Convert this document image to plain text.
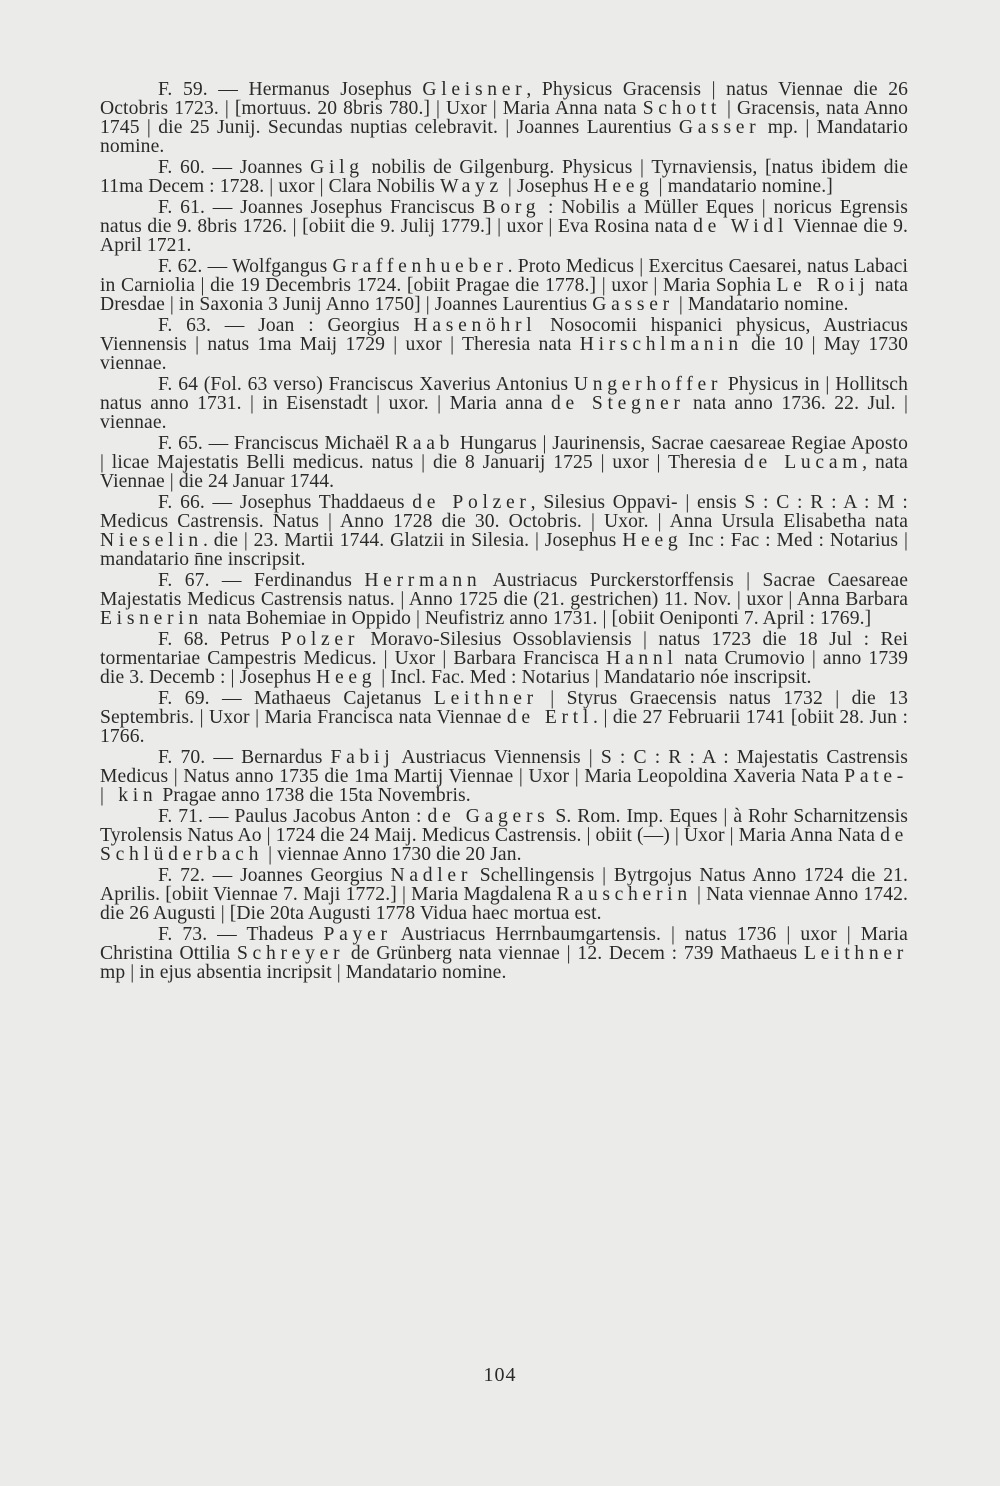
F. 59. — Hermanus Josephus Gleisner, Physicus Gracensis | natus Viennae die 26 Octobris 1723. | [mortuus. 20 8bris 780.] | Uxor | Maria Anna nata Schott | Gracensis, nata Anno 1745 | die 25 Junij. Secundas nuptias celebravit. | Joannes Laurentius Gasser mp. | Mandatario nomine.

F. 60. — Joannes Gilg nobilis de Gilgenburg. Physicus | Tyrnaviensis, [natus ibidem die 11ma Decem : 1728. | uxor | Clara Nobilis Wayz | Josephus Heeg | mandatario nomine.]

F. 61. — Joannes Josephus Franciscus Borg : Nobilis a Müller Eques | noricus Egrensis natus die 9. 8bris 1726. | [obiit die 9. Julij 1779.] | uxor | Eva Rosina nata de Widl Viennae die 9. April 1721.

F. 62. — Wolfgangus Graffenhueber. Proto Medicus | Exercitus Caesarei, natus Labaci in Carniolia | die 19 Decembris 1724. [obiit Pragae die 1778.] | uxor | Maria Sophia Le Roij nata Dresdae | in Saxonia 3 Junij Anno 1750] | Joannes Laurentius Gasser | Mandatario nomine.

F. 63. — Joan : Georgius Hasenöhrl Nosocomii hispanici physicus, Austriacus Viennensis | natus 1ma Maij 1729 | uxor | Theresia nata Hirschlmanin die 10 | May 1730 viennae.

F. 64 (Fol. 63 verso) Franciscus Xaverius Antonius Ungerhoffer Physicus in | Hollitsch natus anno 1731. | in Eisenstadt | uxor. | Maria anna de Stegner nata anno 1736. 22. Jul. | viennae.

F. 65. — Franciscus Michaël Raab Hungarus | Jaurinensis, Sacrae caesareae Regiae Aposto | licae Majestatis Belli medicus. natus | die 8 Januarij 1725 | uxor | Theresia de Lucam, nata Viennae | die 24 Januar 1744.

F. 66. — Josephus Thaddaeus de Polzer, Silesius Oppavi- | ensis S : C : R : A : M : Medicus Castrensis. Natus | Anno 1728 die 30. Octobris. | Uxor. | Anna Ursula Elisabetha nata Nieselin. die | 23. Martii 1744. Glatzii in Silesia. | Josephus Heeg Inc : Fac : Med : Notarius | mandatario n̄ne inscripsit.

F. 67. — Ferdinandus Herrmann Austriacus Purckerstorffensis | Sacrae Caesareae Majestatis Medicus Castrensis natus. | Anno 1725 die (21. gestrichen) 11. Nov. | uxor | Anna Barbara Eisnerin nata Bohemiae in Oppido | Neufistriz anno 1731. | [obiit Oeniponti 7. April : 1769.]

F. 68. Petrus Polzer Moravo-Silesius Ossoblaviensis | natus 1723 die 18 Jul : Rei tormentariae Campestris Medicus. | Uxor | Barbara Francisca Hannl nata Crumovio | anno 1739 die 3. Decemb : | Josephus Heeg | Incl. Fac. Med : Notarius | Mandatario nóe inscripsit.

F. 69. — Mathaeus Cajetanus Leithner | Styrus Graecensis natus 1732 | die 13 Septembris. | Uxor | Maria Francisca nata Viennae de Ertl. | die 27 Februarii 1741 [obiit 28. Jun : 1766.

F. 70. — Bernardus Fabij Austriacus Viennensis | S : C : R : A : Majestatis Castrensis Medicus | Natus anno 1735 die 1ma Martij Viennae | Uxor | Maria Leopoldina Xaveria Nata Pate- | kin Pragae anno 1738 die 15ta Novembris.

F. 71. — Paulus Jacobus Anton : de Gagers S. Rom. Imp. Eques | à Rohr Scharnitzensis Tyrolensis Natus Ao | 1724 die 24 Maij. Medicus Castrensis. | obiit (—) | Uxor | Maria Anna Nata de Schlüderbach | viennae Anno 1730 die 20 Jan.

F. 72. — Joannes Georgius Nadler Schellingensis | Bytrgojus Natus Anno 1724 die 21. Aprilis. [obiit Viennae 7. Maji 1772.] | Maria Magdalena Rauscherin | Nata viennae Anno 1742. die 26 Augusti | [Die 20ta Augusti 1778 Vidua haec mortua est.

F. 73. — Thadeus Payer Austriacus Herrnbaumgartensis. | natus 1736 | uxor | Maria Christina Ottilia Schreyer de Grünberg nata viennae | 12. Decem : 739 Mathaeus Leithner mp | in ejus absentia incripsit | Mandatario nomine.

104
